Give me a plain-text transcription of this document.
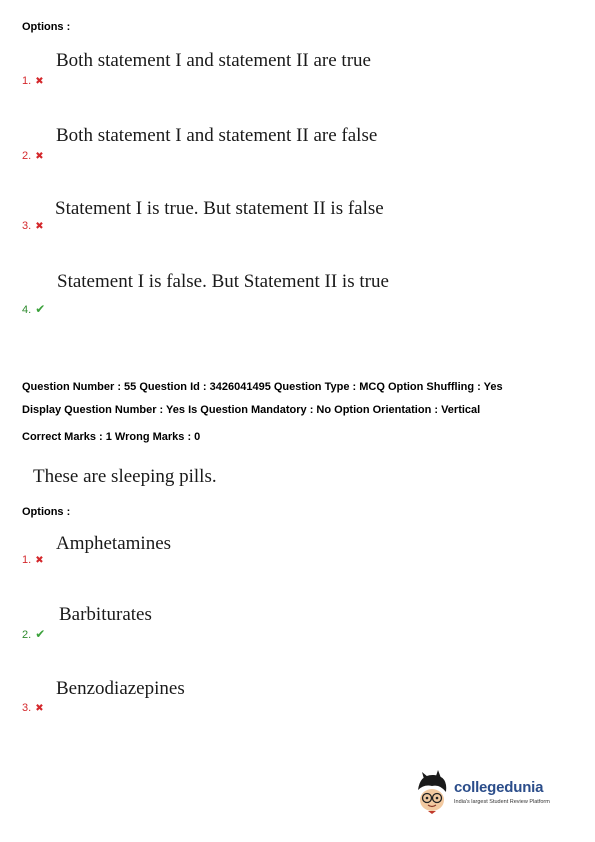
Options :
Both statement I and statement II are true
1. ✖
Both statement I and statement II are false
2. ✖
Statement I is true. But statement II is false
3. ✖
Statement I is false. But Statement II is true
4. ✔
Question Number : 55 Question Id : 3426041495 Question Type : MCQ Option Shuffling : Yes
Display Question Number : Yes Is Question Mandatory : No Option Orientation : Vertical
Correct Marks : 1 Wrong Marks : 0
These are sleeping pills.
Options :
Amphetamines
1. ✖
Barbiturates
2. ✔
Benzodiazepines
3. ✖
collegedunia
India's largest Student Review Platform
